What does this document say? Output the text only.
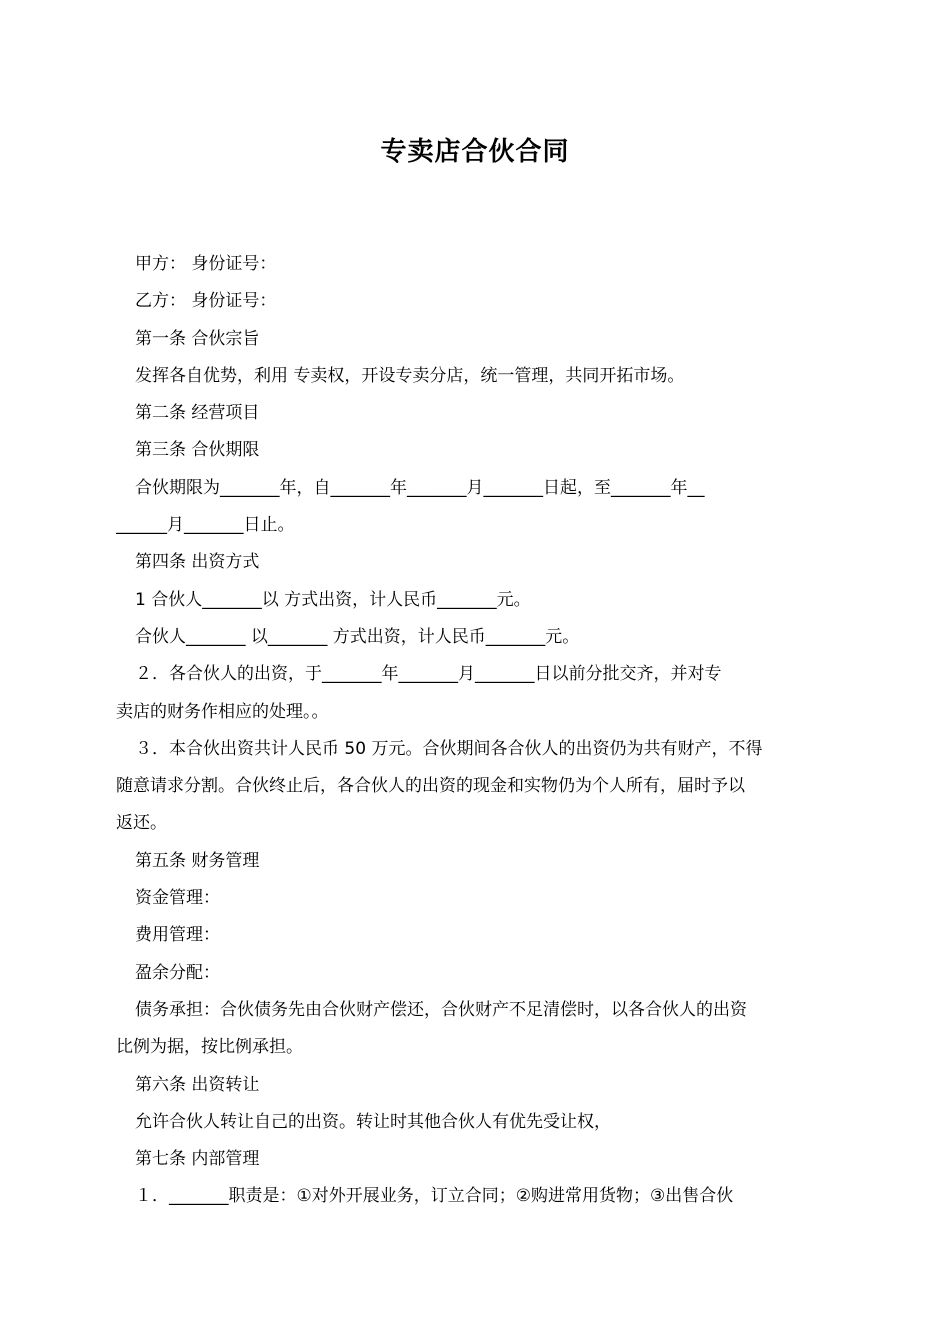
专卖店合伙合同
甲方： 身份证号：
乙方： 身份证号：
第一条 合伙宗旨
发挥各自优势，利用 专卖权，开设专卖分店，统一管理，共同开拓市场。
第二条 经营项目
第三条 合伙期限
合伙期限为_______年，自_______年_______月_______日起，至_______年__
______月_______日止。
第四条 出资方式
1 合伙人_______以 方式出资，计人民币_______元。
合伙人_______ 以_______ 方式出资，计人民币_______元。
２．各合伙人的出资，于_______年_______月_______日以前分批交齐，并对专
卖店的财务作相应的处理。。
３．本合伙出资共计人民币 50 万元。合伙期间各合伙人的出资仍为共有财产，不得
随意请求分割。合伙终止后，各合伙人的出资的现金和实物仍为个人所有，届时予以
返还。
第五条 财务管理
资金管理：
费用管理：
盈余分配：
债务承担：合伙债务先由合伙财产偿还，合伙财产不足清偿时，以各合伙人的出资
比例为据，按比例承担。
第六条 出资转让
允许合伙人转让自己的出资。转让时其他合伙人有优先受让权，
第七条 内部管理
１．_______职责是：①对外开展业务，订立合同；②购进常用货物；③出售合伙
